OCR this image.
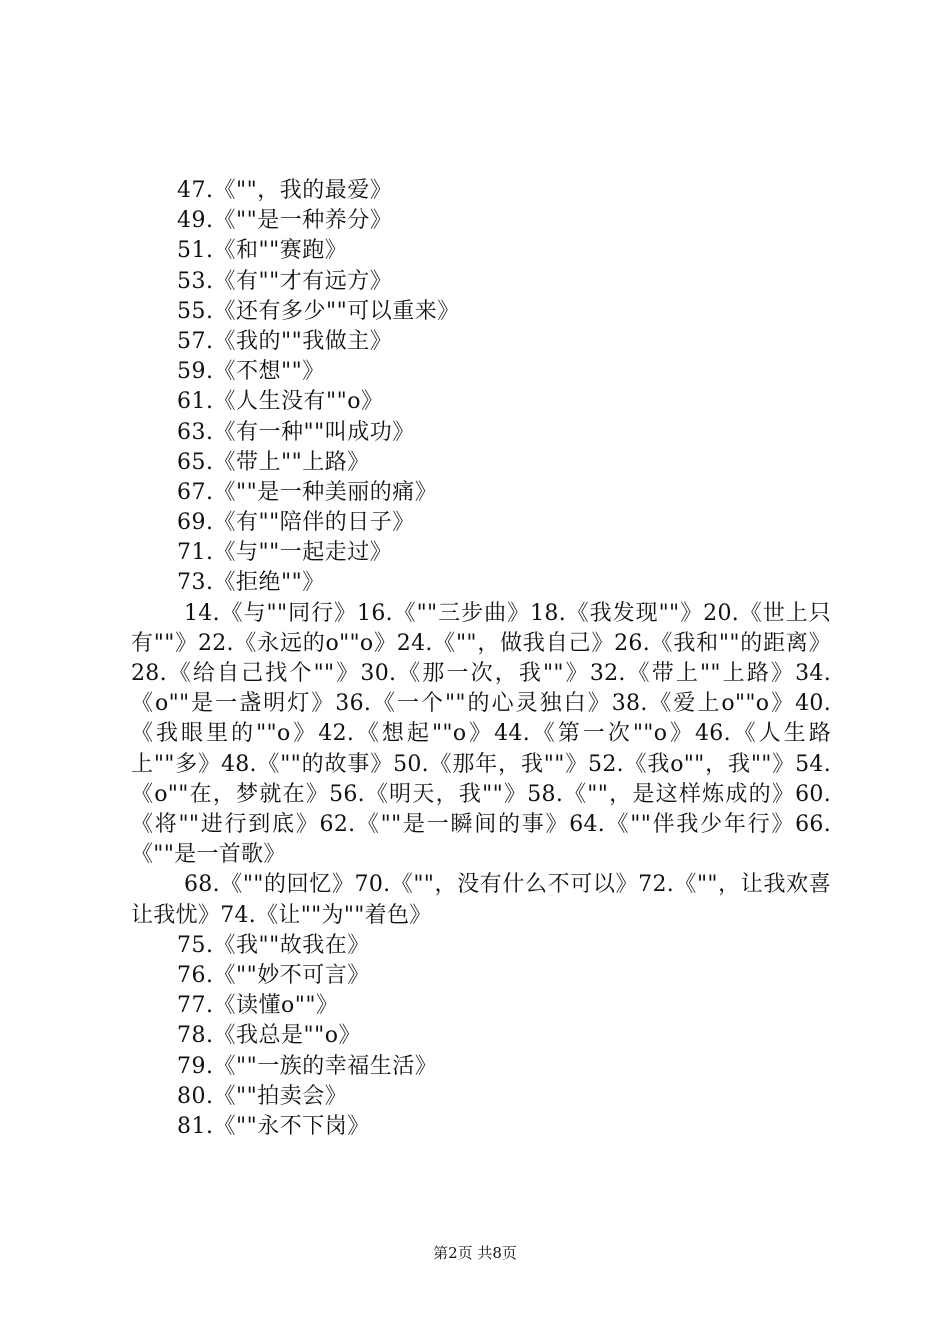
47.《""，我的最爱》
49.《""是一种养分》
51.《和""赛跑》
53.《有""才有远方》
55.《还有多少""可以重来》
57.《我的""我做主》
59.《不想""》
61.《人生没有""o》
63.《有一种""叫成功》
65.《带上""上路》
67.《""是一种美丽的痛》
69.《有""陪伴的日子》
71.《与""一起走过》
73.《拒绝""》

14.《与""同行》16.《""三步曲》18.《我发现""》20.《世上只有""》22.《永远的o""o》24.《""，做我自己》26.《我和""的距离》28.《给自己找个""》30.《那一次，我""》32.《带上""上路》34.《o""是一盏明灯》36.《一个""的心灵独白》38.《爱上o""o》40.《我眼里的""o》42.《想起""o》44.《第一次""o》46.《人生路上""多》48.《""的故事》50.《那年，我""》52.《我o""，我""》54.《o""在，梦就在》56.《明天，我""》58.《""，是这样炼成的》60.《将""进行到底》62.《""是一瞬间的事》64.《""伴我少年行》66.《""是一首歌》

68.《""的回忆》70.《""，没有什么不可以》72.《""，让我欢喜让我忧》74.《让""为""着色》

75.《我""故我在》
76.《""妙不可言》
77.《读懂o""》
78.《我总是""o》
79.《""一族的幸福生活》
80.《""拍卖会》
81.《""永不下岗》
第2页 共8页
